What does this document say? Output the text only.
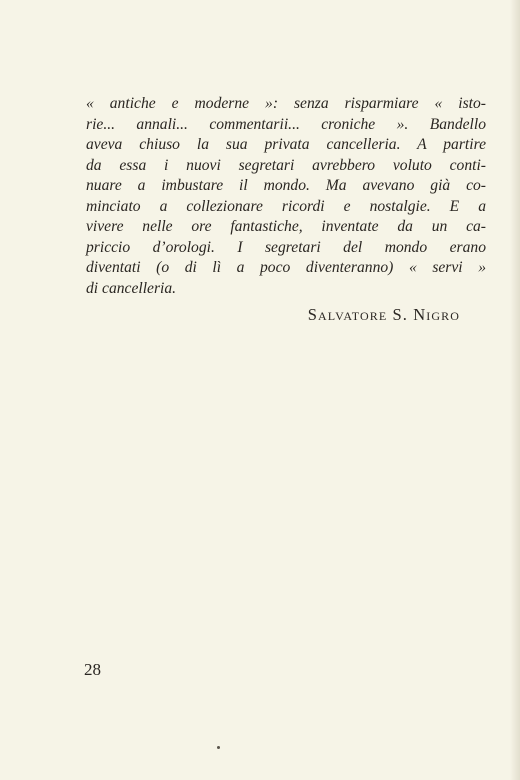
« antiche e moderne »: senza risparmiare « isto-
rie... annali... commentarii... croniche ». Bandello
aveva chiuso la sua privata cancelleria. A partire
da essa i nuovi segretari avrebbero voluto conti-
nuare a imbustare il mondo. Ma avevano già co-
minciato a collezionare ricordi e nostalgie. E a
vivere nelle ore fantastiche, inventate da un ca-
priccio d’orologi. I segretari del mondo erano
diventati (o di lì a poco diventeranno) « servi »
di cancelleria.
Salvatore S. Nigro
28
